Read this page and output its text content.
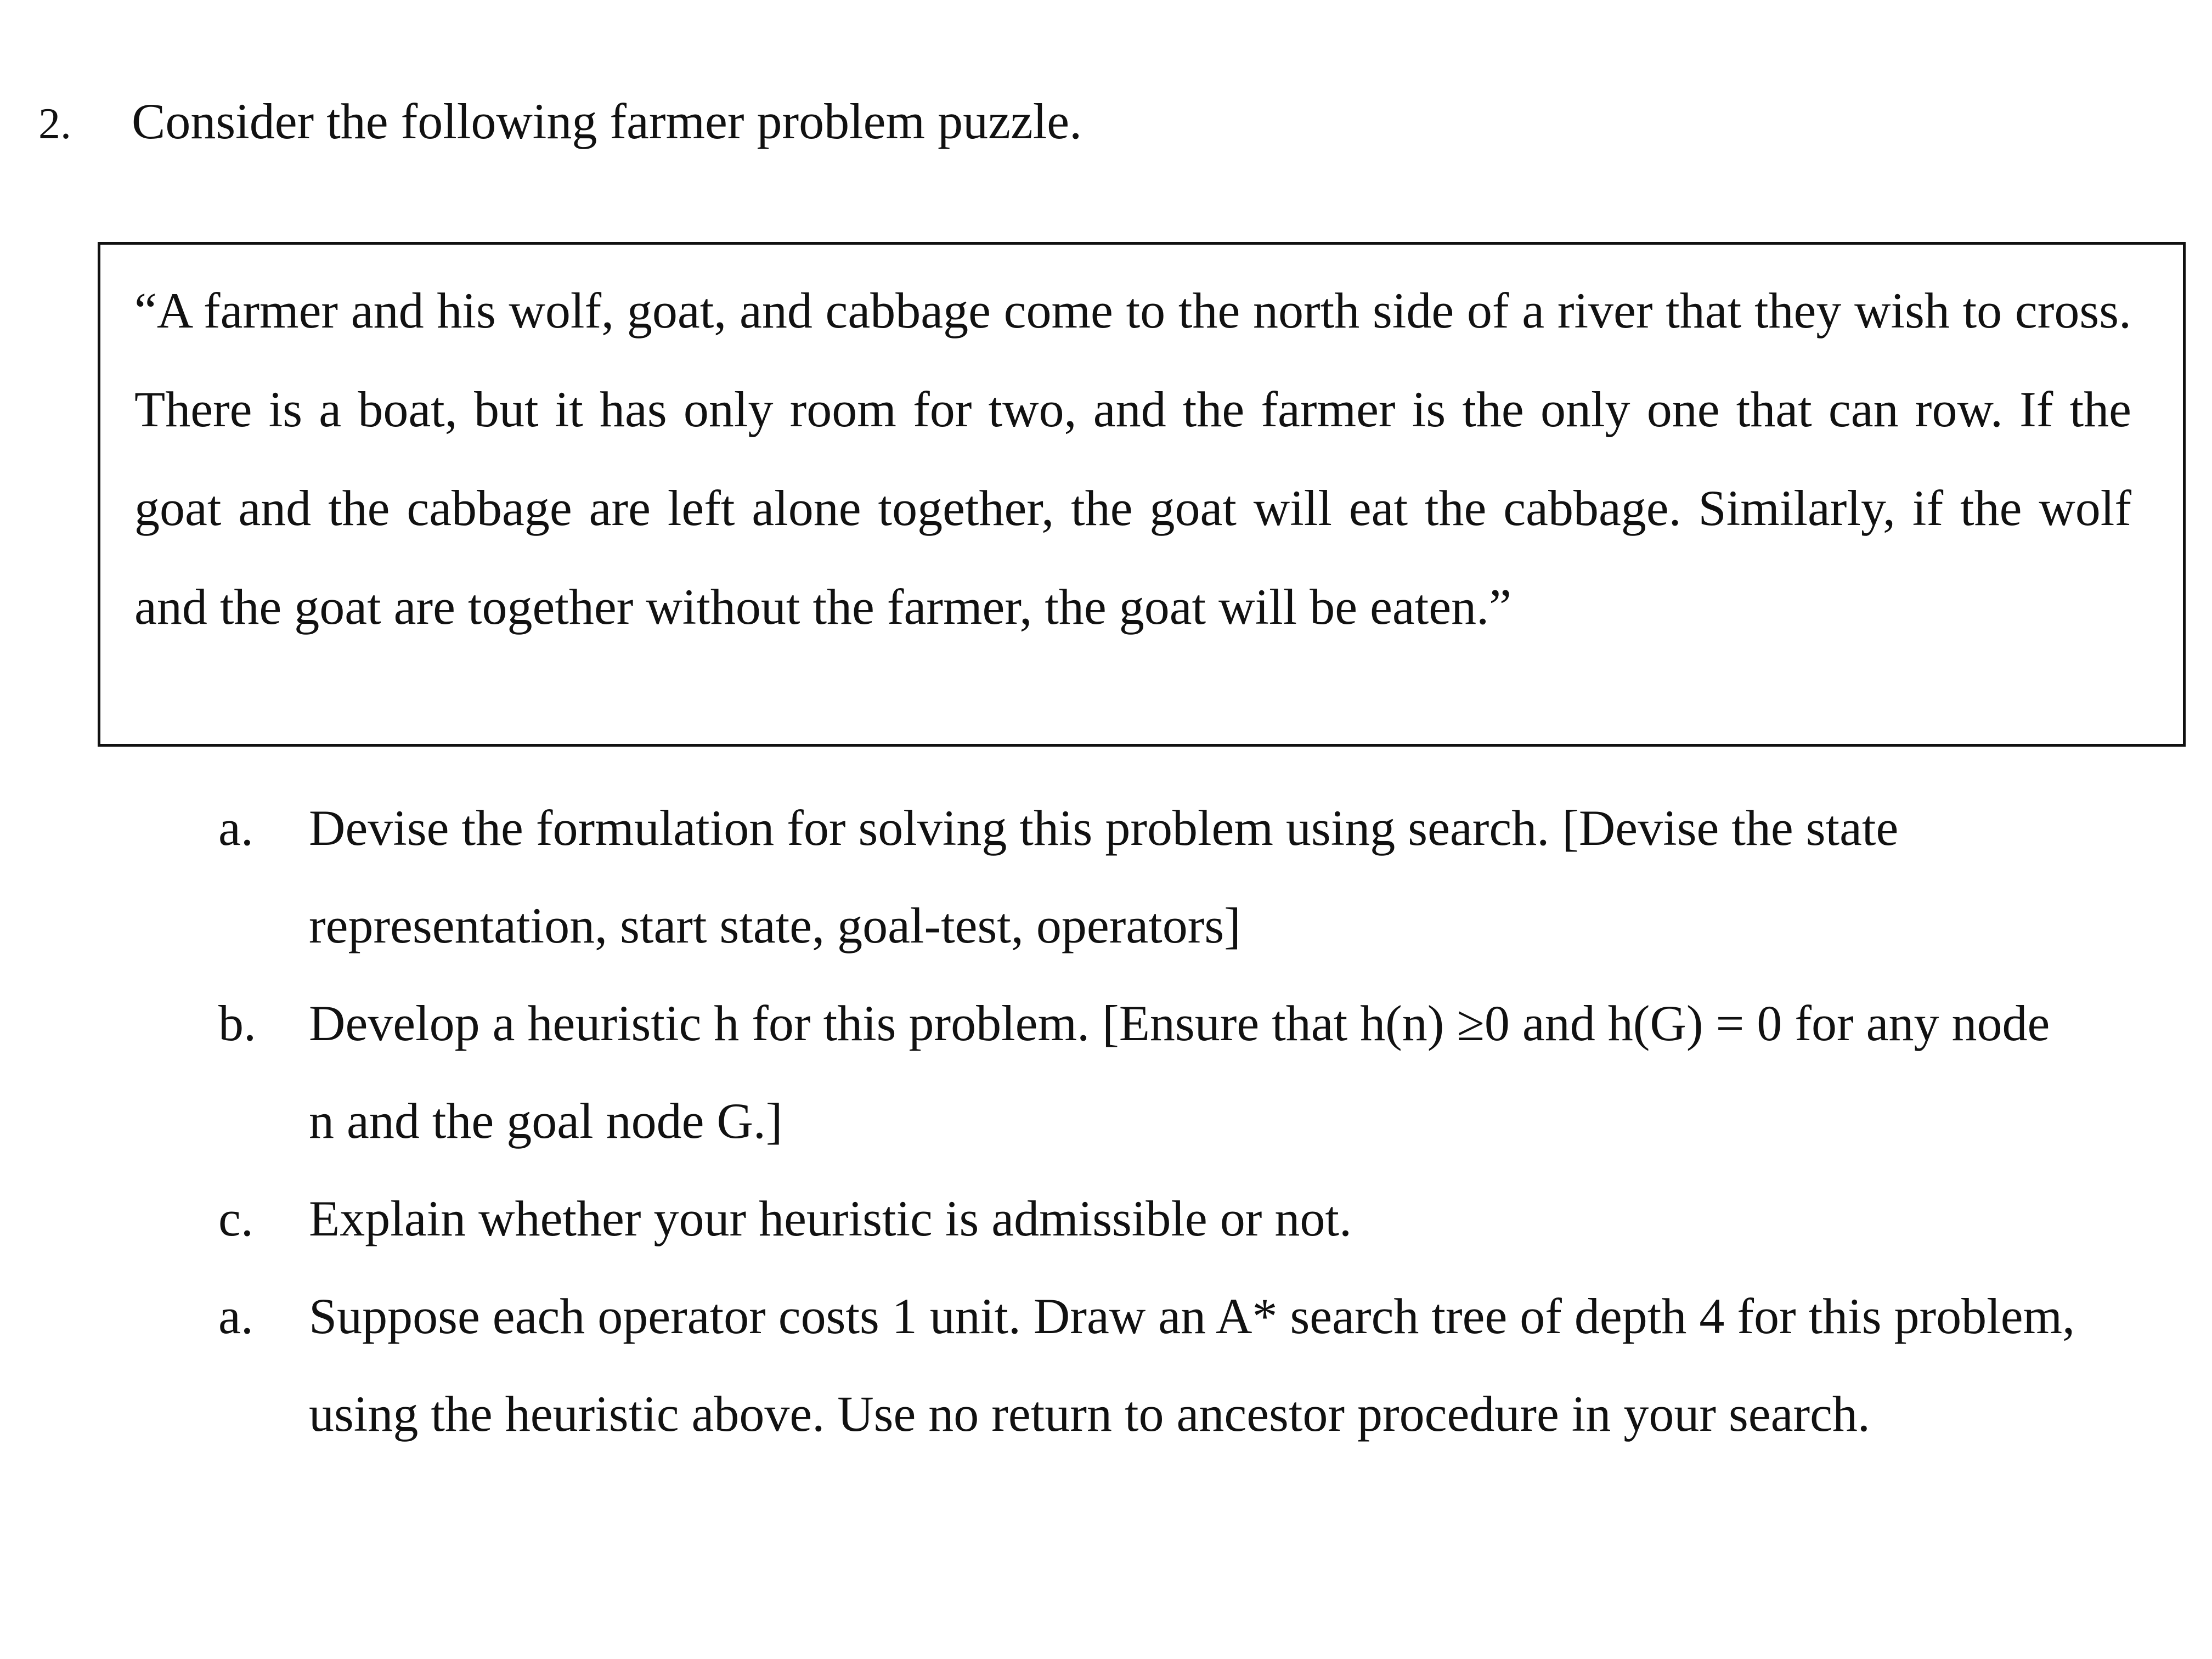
2. Consider the following farmer problem puzzle.
“A farmer and his wolf, goat, and cabbage come to the north side of a river that they wish to cross. There is a boat, but it has only room for two, and the farmer is the only one that can row. If the goat and the cabbage are left alone together, the goat will eat the cabbage. Similarly, if the wolf and the goat are together without the farmer, the goat will be eaten.”
a.	Devise the formulation for solving this problem using search. [Devise the state representation, start state, goal-test, operators]
b.	Develop a heuristic h for this problem. [Ensure that h(n) ≥0 and h(G) = 0 for any node n and the goal node G.]
c.	Explain whether your heuristic is admissible or not.
a.	Suppose each operator costs 1 unit. Draw an A* search tree of depth 4 for this problem, using the heuristic above. Use no return to ancestor procedure in your search.
